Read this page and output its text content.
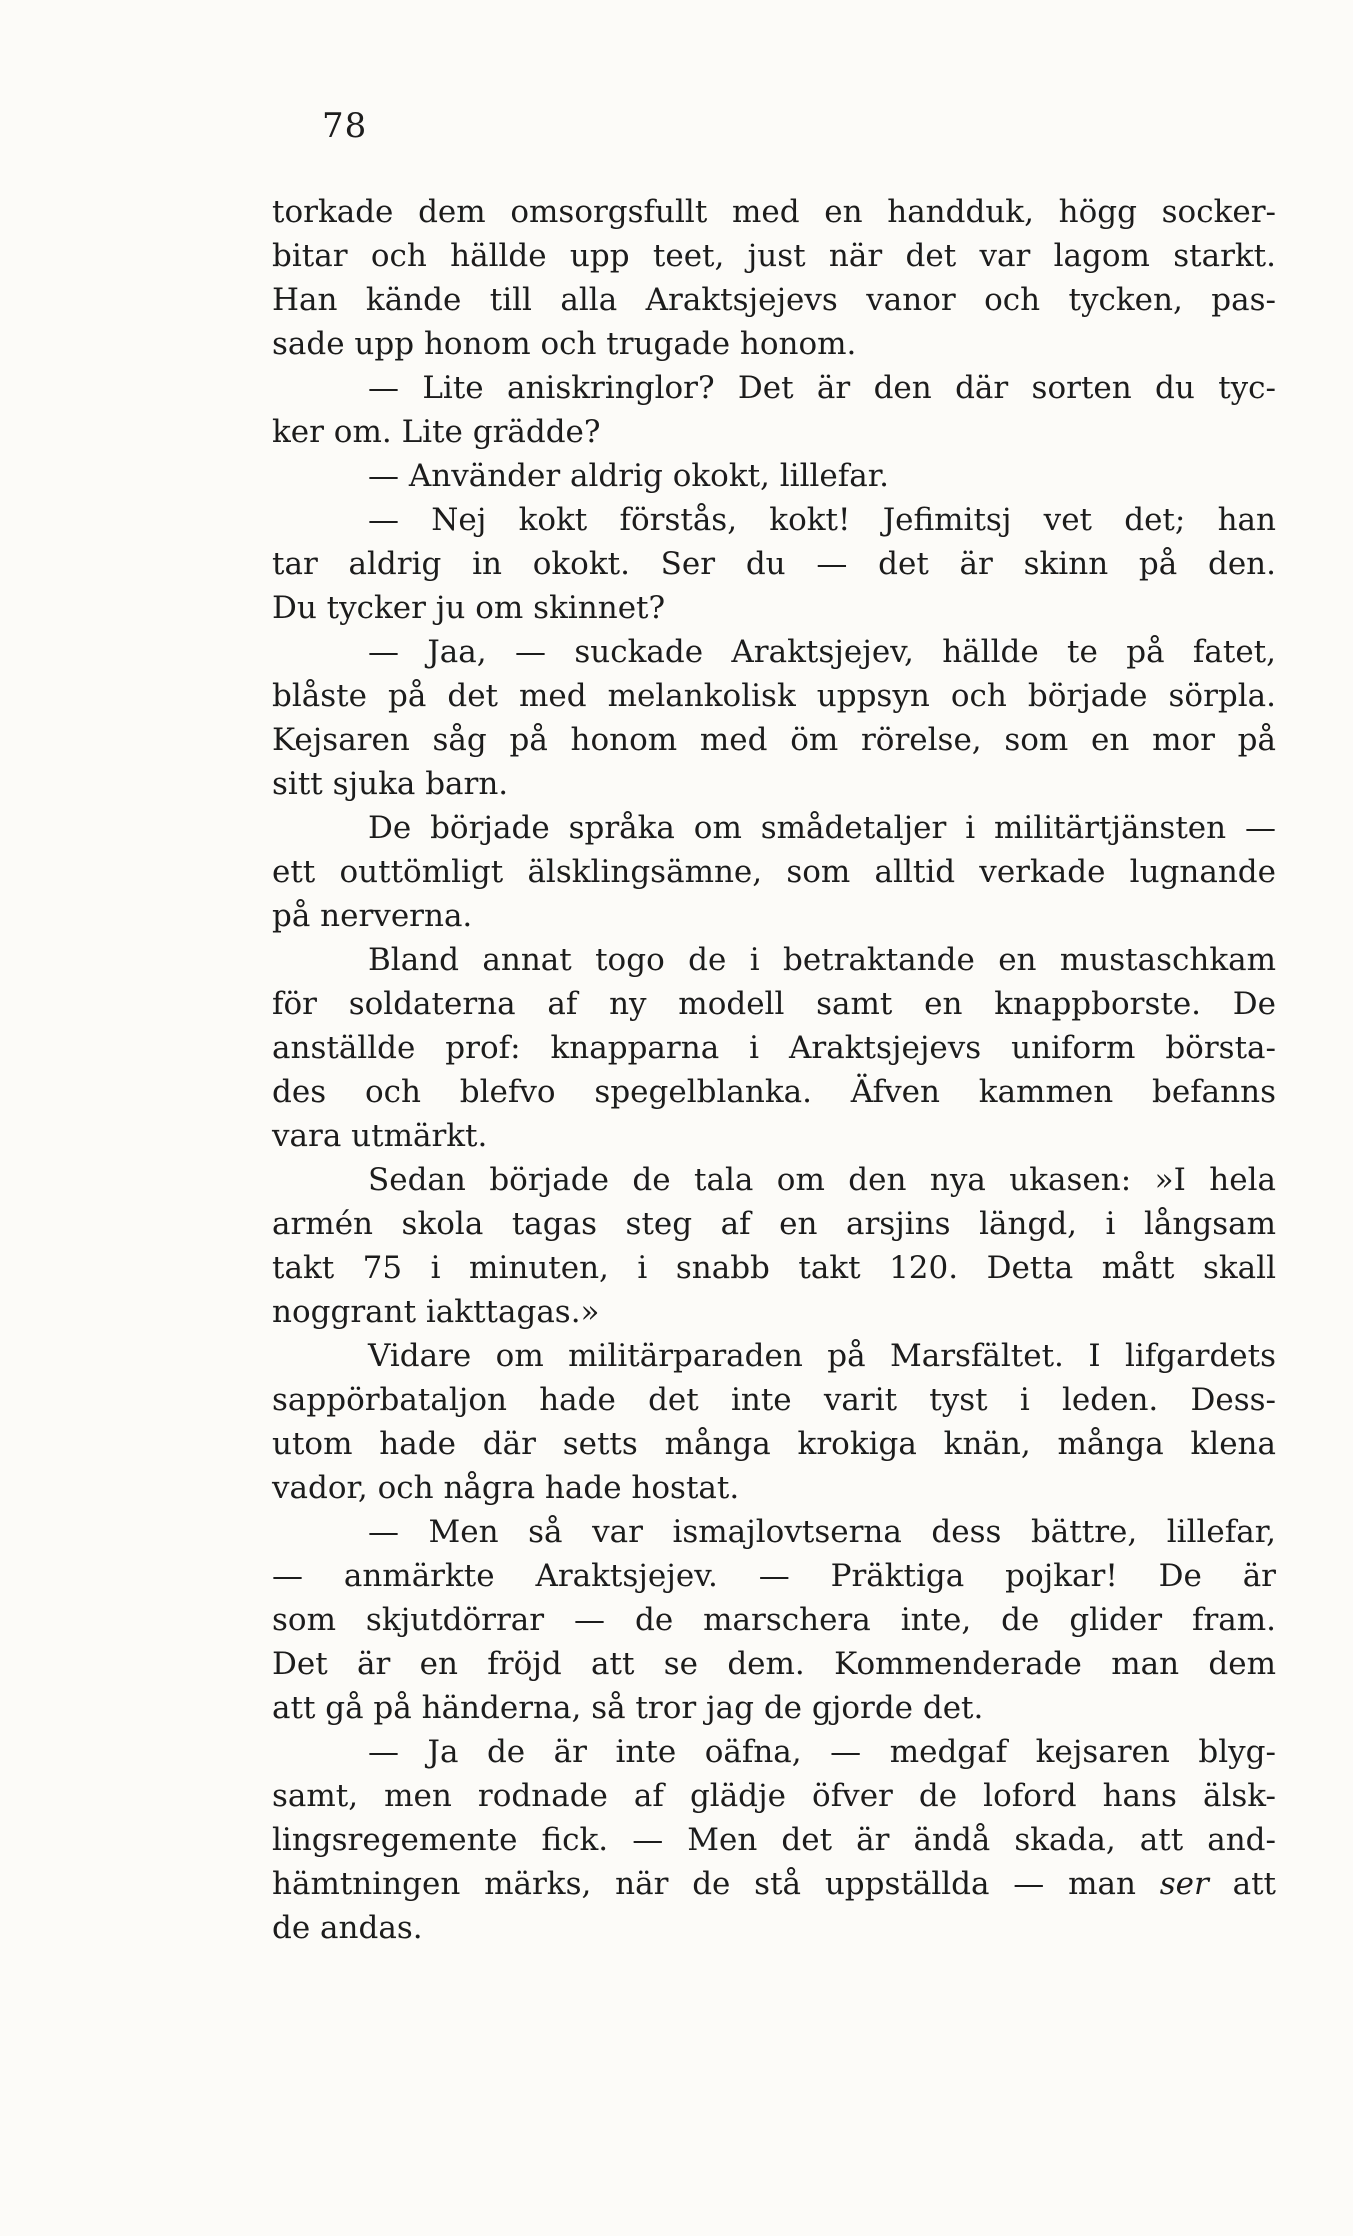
78
torkade dem omsorgsfullt med en handduk, högg socker-
bitar och hällde upp teet, just när det var lagom starkt.
Han kände till alla Araktsjejevs vanor och tycken, pas-
sade upp honom och trugade honom.
— Lite aniskringlor? Det är den där sorten du tyc-
ker om. Lite grädde?
— Använder aldrig okokt, lillefar.
— Nej kokt förstås, kokt! Jefimitsj vet det; han
tar aldrig in okokt. Ser du — det är skinn på den.
Du tycker ju om skinnet?
— Jaa, — suckade Araktsjejev, hällde te på fatet,
blåste på det med melankolisk uppsyn och började sörpla.
Kejsaren såg på honom med öm rörelse, som en mor på
sitt sjuka barn.
De började språka om smådetaljer i militärtjänsten —
ett outtömligt älsklingsämne, som alltid verkade lugnande
på nerverna.
Bland annat togo de i betraktande en mustaschkam
för soldaterna af ny modell samt en knappborste. De
anställde prof: knapparna i Araktsjejevs uniform börsta-
des och blefvo spegelblanka. Äfven kammen befanns
vara utmärkt.
Sedan började de tala om den nya ukasen: »I hela
armén skola tagas steg af en arsjins längd, i långsam
takt 75 i minuten, i snabb takt 120. Detta mått skall
noggrant iakttagas.»
Vidare om militärparaden på Marsfältet. I lifgardets
sappörbataljon hade det inte varit tyst i leden. Dess-
utom hade där setts många krokiga knän, många klena
vador, och några hade hostat.
— Men så var ismajlovtserna dess bättre, lillefar,
— anmärkte Araktsjejev. — Präktiga pojkar! De är
som skjutdörrar — de marschera inte, de glider fram.
Det är en fröjd att se dem. Kommenderade man dem
att gå på händerna, så tror jag de gjorde det.
— Ja de är inte oäfna, — medgaf kejsaren blyg-
samt, men rodnade af glädje öfver de loford hans älsk-
lingsregemente fick. — Men det är ändå skada, att and-
hämtningen märks, när de stå uppställda — man ser att
de andas.
